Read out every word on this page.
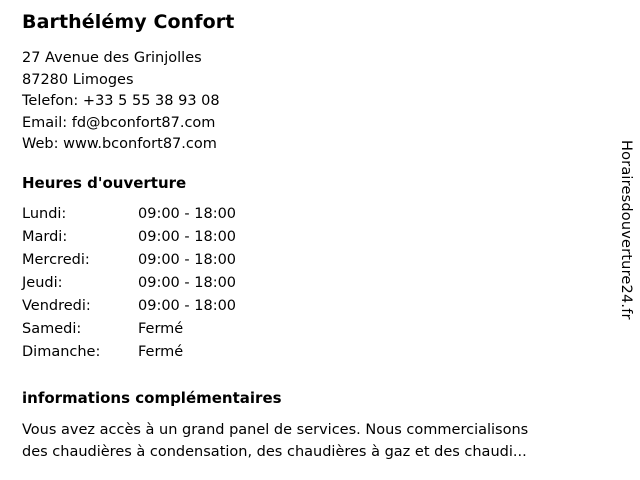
Barthélémy Confort
27 Avenue des Grinjolles
87280 Limoges
Telefon: +33 5 55 38 93 08
Email: fd@bconfort87.com
Web: www.bconfort87.com
Heures d'ouverture
Lundi:	09:00 - 18:00
Mardi:	09:00 - 18:00
Mercredi:	09:00 - 18:00
Jeudi:	09:00 - 18:00
Vendredi:	09:00 - 18:00
Samedi:	Fermé
Dimanche:	Fermé
informations complémentaires
Vous avez accès à un grand panel de services. Nous commercialisons
des chaudières à condensation, des chaudières à gaz et des chaudi...
Horairesdouverture24.fr
